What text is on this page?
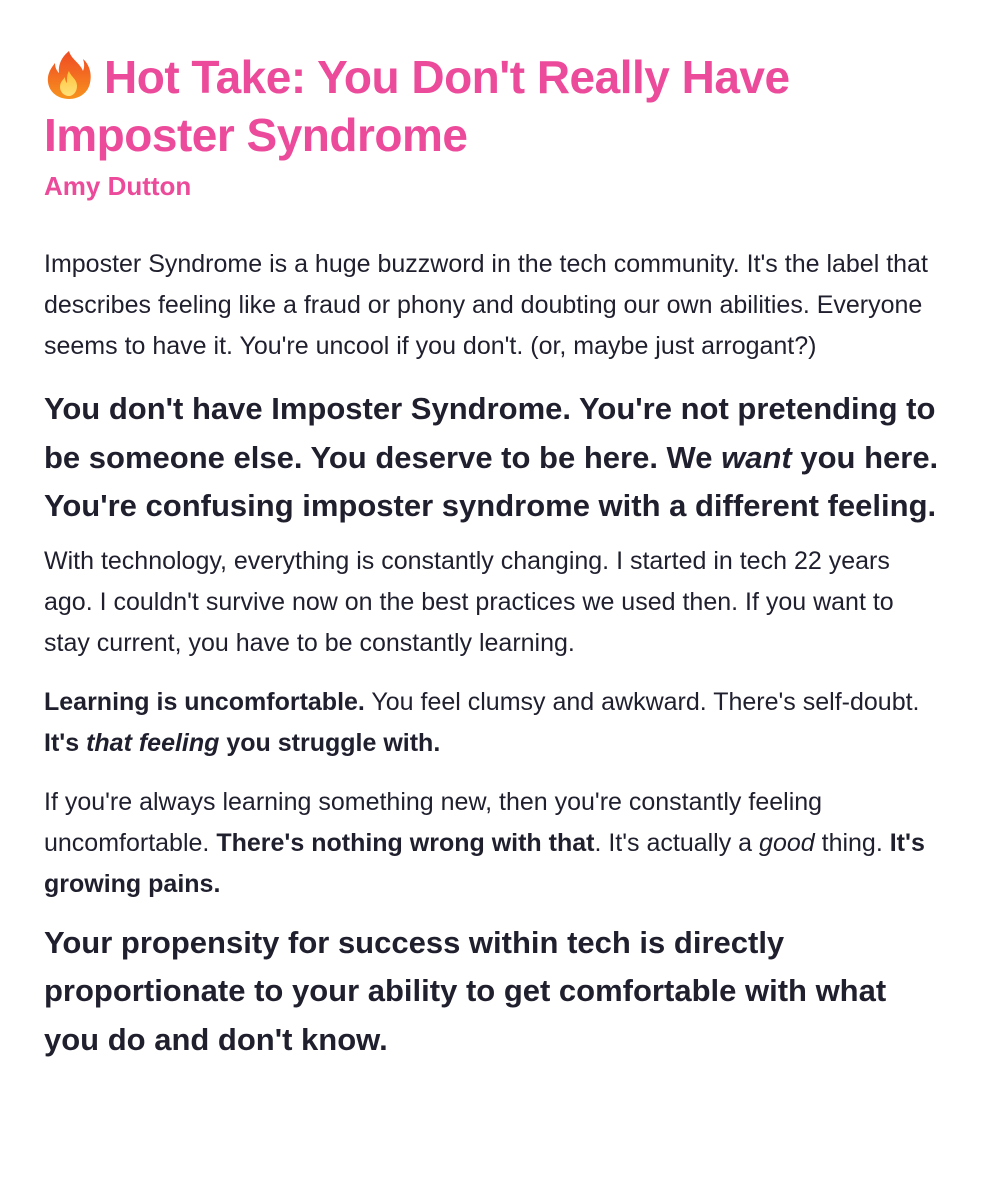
Hot Take: You Don't Really Have Imposter Syndrome

Amy Dutton

Imposter Syndrome is a huge buzzword in the tech community. It's the label that describes feeling like a fraud or phony and doubting our own abilities. Everyone seems to have it. You're uncool if you don't. (or, maybe just arrogant?)

You don't have Imposter Syndrome. You're not pretending to be someone else. You deserve to be here. We want you here. You're confusing imposter syndrome with a different feeling.

With technology, everything is constantly changing. I started in tech 22 years ago. I couldn't survive now on the best practices we used then. If you want to stay current, you have to be constantly learning.

Learning is uncomfortable. You feel clumsy and awkward. There's self-doubt. It's that feeling you struggle with.

If you're always learning something new, then you're constantly feeling uncomfortable. There's nothing wrong with that. It's actually a good thing. It's growing pains.

Your propensity for success within tech is directly proportionate to your ability to get comfortable with what you do and don't know.
